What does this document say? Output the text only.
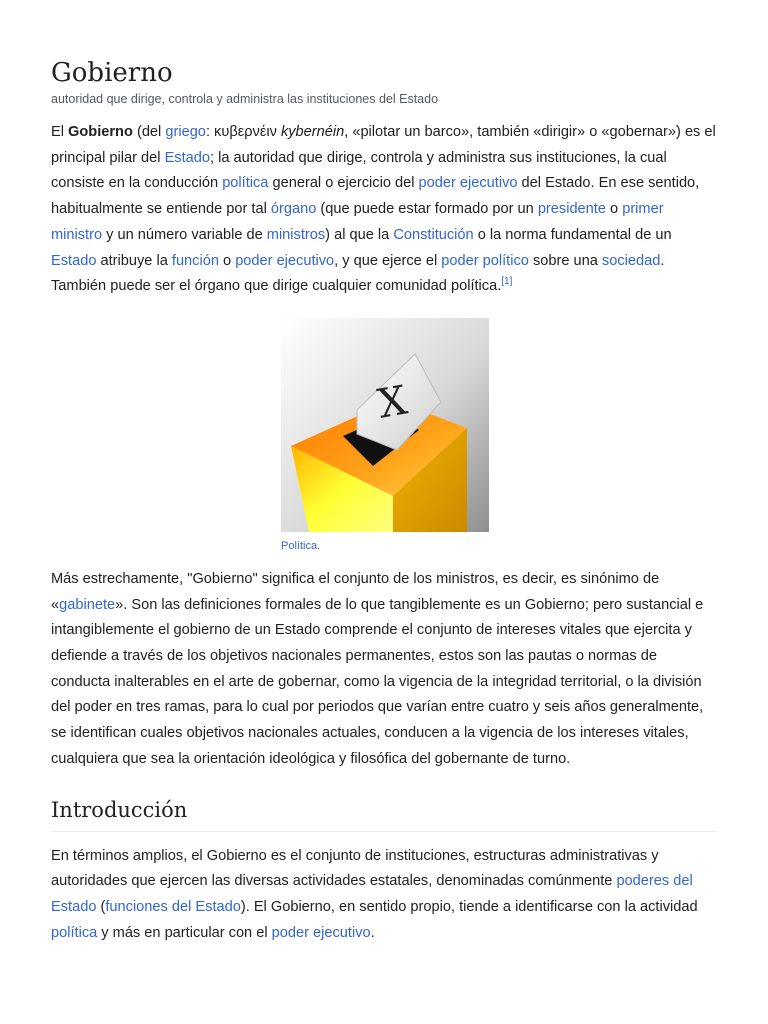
Gobierno
autoridad que dirige, controla y administra las instituciones del Estado

El Gobierno (del griego: κυβερνέιν kybernéin, «pilotar un barco», también «dirigir» o «gobernar») es el principal pilar del Estado; la autoridad que dirige, controla y administra sus instituciones, la cual consiste en la conducción política general o ejercicio del poder ejecutivo del Estado. En ese sentido, habitualmente se entiende por tal órgano (que puede estar formado por un presidente o primer ministro y un número variable de ministros) al que la Constitución o la norma fundamental de un Estado atribuye la función o poder ejecutivo, y que ejerce el poder político sobre una sociedad. También puede ser el órgano que dirige cualquier comunidad política.[1]

X
Política.

Más estrechamente, "Gobierno" significa el conjunto de los ministros, es decir, es sinónimo de «gabinete». Son las definiciones formales de lo que tangiblemente es un Gobierno; pero sustancial e intangiblemente el gobierno de un Estado comprende el conjunto de intereses vitales que ejercita y defiende a través de los objetivos nacionales permanentes, estos son las pautas o normas de conducta inalterables en el arte de gobernar, como la vigencia de la integridad territorial, o la división del poder en tres ramas, para lo cual por periodos que varían entre cuatro y seis años generalmente, se identifican cuales objetivos nacionales actuales, conducen a la vigencia de los intereses vitales, cualquiera que sea la orientación ideológica y filosófica del gobernante de turno.

Introducción

En términos amplios, el Gobierno es el conjunto de instituciones, estructuras administrativas y autoridades que ejercen las diversas actividades estatales, denominadas comúnmente poderes del Estado (funciones del Estado). El Gobierno, en sentido propio, tiende a identificarse con la actividad política y más en particular con el poder ejecutivo.
